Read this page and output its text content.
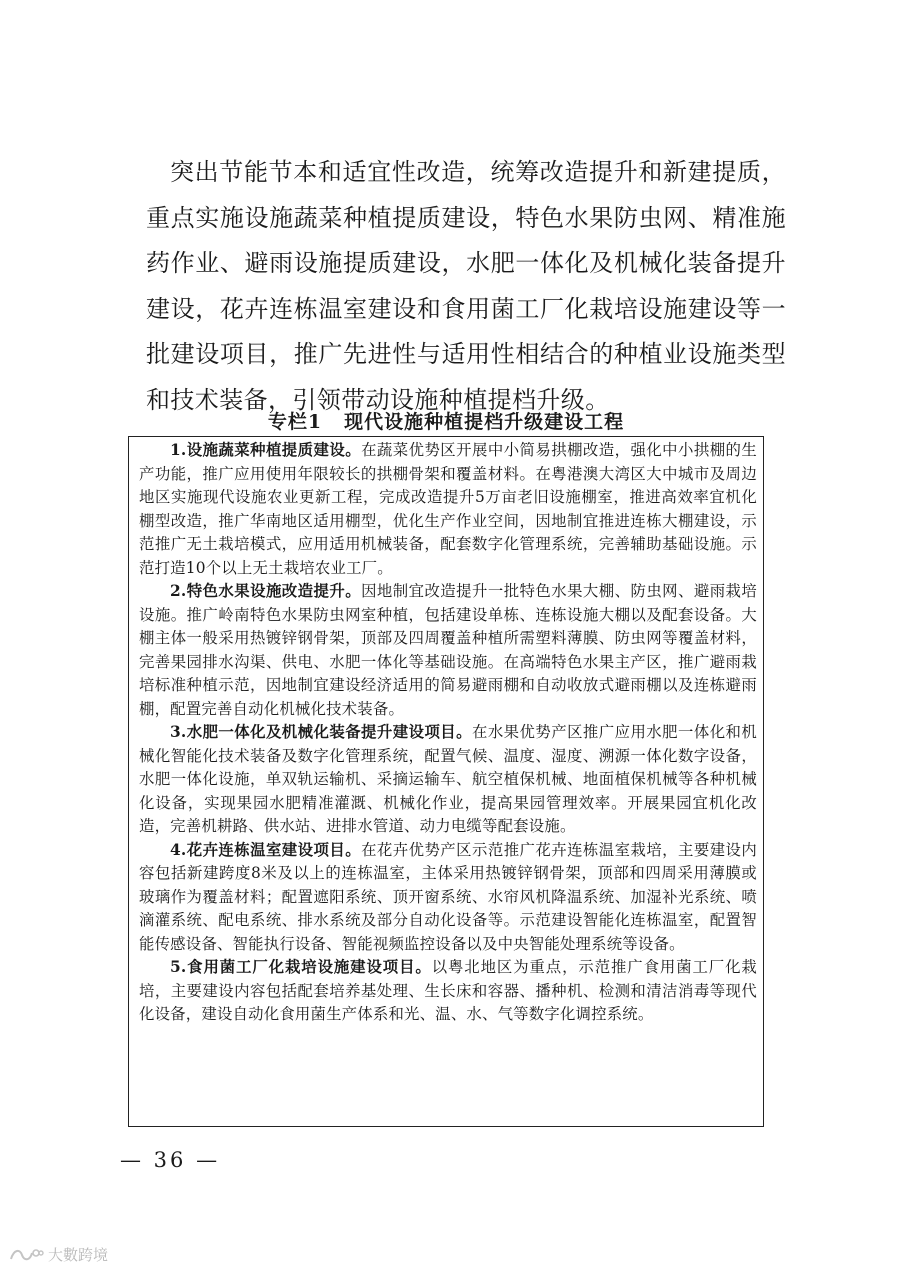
突出节能节本和适宜性改造，统筹改造提升和新建提质，重点实施设施蔬菜种植提质建设，特色水果防虫网、精准施药作业、避雨设施提质建设，水肥一体化及机械化装备提升建设，花卉连栋温室建设和食用菌工厂化栽培设施建设等一批建设项目，推广先进性与适用性相结合的种植业设施类型和技术装备，引领带动设施种植提档升级。

专栏1 现代设施种植提档升级建设工程

1.设施蔬菜种植提质建设。在蔬菜优势区开展中小简易拱棚改造，强化中小拱棚的生产功能，推广应用使用年限较长的拱棚骨架和覆盖材料。在粤港澳大湾区大中城市及周边地区实施现代设施农业更新工程，完成改造提升5万亩老旧设施棚室，推进高效率宜机化棚型改造，推广华南地区适用棚型，优化生产作业空间，因地制宜推进连栋大棚建设，示范推广无土栽培模式，应用适用机械装备，配套数字化管理系统，完善辅助基础设施。示范打造10个以上无土栽培农业工厂。

2.特色水果设施改造提升。因地制宜改造提升一批特色水果大棚、防虫网、避雨栽培设施。推广岭南特色水果防虫网室种植，包括建设单栋、连栋设施大棚以及配套设备。大棚主体一般采用热镀锌钢骨架，顶部及四周覆盖种植所需塑料薄膜、防虫网等覆盖材料，完善果园排水沟渠、供电、水肥一体化等基础设施。在高端特色水果主产区，推广避雨栽培标准种植示范，因地制宜建设经济适用的简易避雨棚和自动收放式避雨棚以及连栋避雨棚，配置完善自动化机械化技术装备。

3.水肥一体化及机械化装备提升建设项目。在水果优势产区推广应用水肥一体化和机械化智能化技术装备及数字化管理系统，配置气候、温度、湿度、溯源一体化数字设备，水肥一体化设施，单双轨运输机、采摘运输车、航空植保机械、地面植保机械等各种机械化设备，实现果园水肥精准灌溉、机械化作业，提高果园管理效率。开展果园宜机化改造，完善机耕路、供水站、进排水管道、动力电缆等配套设施。

4.花卉连栋温室建设项目。在花卉优势产区示范推广花卉连栋温室栽培，主要建设内容包括新建跨度8米及以上的连栋温室，主体采用热镀锌钢骨架，顶部和四周采用薄膜或玻璃作为覆盖材料；配置遮阳系统、顶开窗系统、水帘风机降温系统、加湿补光系统、喷滴灌系统、配电系统、排水系统及部分自动化设备等。示范建设智能化连栋温室，配置智能传感设备、智能执行设备、智能视频监控设备以及中央智能处理系统等设备。

5.食用菌工厂化栽培设施建设项目。以粤北地区为重点，示范推广食用菌工厂化栽培，主要建设内容包括配套培养基处理、生长床和容器、播种机、检测和清洁消毒等现代化设备，建设自动化食用菌生产体系和光、温、水、气等数字化调控系统。

— 36 —
大數跨境
